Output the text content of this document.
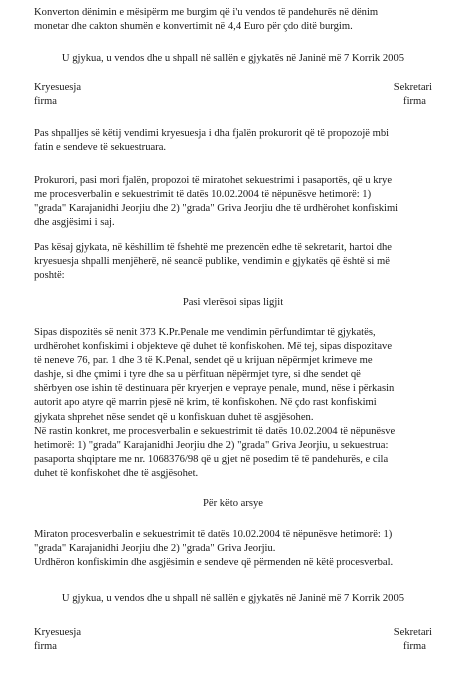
Konverton dënimin e mësipërm me burgim që i'u vendos të pandehurës në dënim
monetar dhe cakton shumën e konvertimit në 4,4 Euro për çdo ditë burgim.
U gjykua, u vendos dhe u shpall në sallën e gjykatës në Janinë më 7 Korrik 2005
Kryesuesja
firma
Sekretari
firma
Pas shpalljes së këtij vendimi kryesuesja i dha fjalën prokurorit që të propozojë mbi
fatin e sendeve të sekuestruara.
Prokurori, pasi mori fjalën, propozoi të miratohet sekuestrimi i pasaportës, që u krye
me procesverbalin e sekuestrimit të datës 10.02.2004 të nëpunësve hetimorë: 1)
"grada" Karajanidhi Jeorjiu dhe 2) "grada" Griva Jeorjiu dhe të urdhërohet konfiskimi
dhe asgjësimi i saj.
Pas kësaj gjykata, në këshillim të fshehtë me prezencën edhe të sekretarit, hartoi dhe
kryesuesja shpalli menjëherë, në seancë publike, vendimin e gjykatës që është si më
poshtë:
Pasi vlerësoi sipas ligjit
Sipas dispozitës së nenit 373 K.Pr.Penale me vendimin përfundimtar të gjykatës,
urdhërohet konfiskimi i objekteve që duhet të konfiskohen. Më tej, sipas dispozitave
të neneve 76, par. 1 dhe 3 të K.Penal, sendet që u krijuan nëpërmjet krimeve me
dashje, si dhe çmimi i tyre dhe sa u përfituan nëpërmjet tyre, si dhe sendet që
shërbyen ose ishin të destinuara për kryerjen e vepraye penale, mund, nëse i përkasin
autorit apo atyre që marrin pjesë në krim, të konfiskohen. Në çdo rast konfiskimi
gjykata shprehet nëse sendet që u konfiskuan duhet të asgjësohen.
Në rastin konkret, me procesverbalin e sekuestrimit të datës 10.02.2004 të nëpunësve
hetimorë: 1) "grada" Karajanidhi Jeorjiu dhe 2) "grada" Griva Jeorjiu, u sekuestrua:
pasaporta shqiptare me nr. 1068376/98 që u gjet në posedim të të pandehurës, e cila
duhet të konfiskohet dhe të asgjësohet.
Për këto arsye
Miraton procesverbalin e sekuestrimit të datës 10.02.2004 të nëpunësve hetimorë: 1)
"grada" Karajanidhi Jeorjiu dhe 2) "grada" Griva Jeorjiu.
Urdhëron konfiskimin dhe asgjësimin e sendeve që përmenden në këtë procesverbal.
U gjykua, u vendos dhe u shpall në sallën e gjykatës në Janinë më 7 Korrik 2005
Kryesuesja
firma
Sekretari
firma
